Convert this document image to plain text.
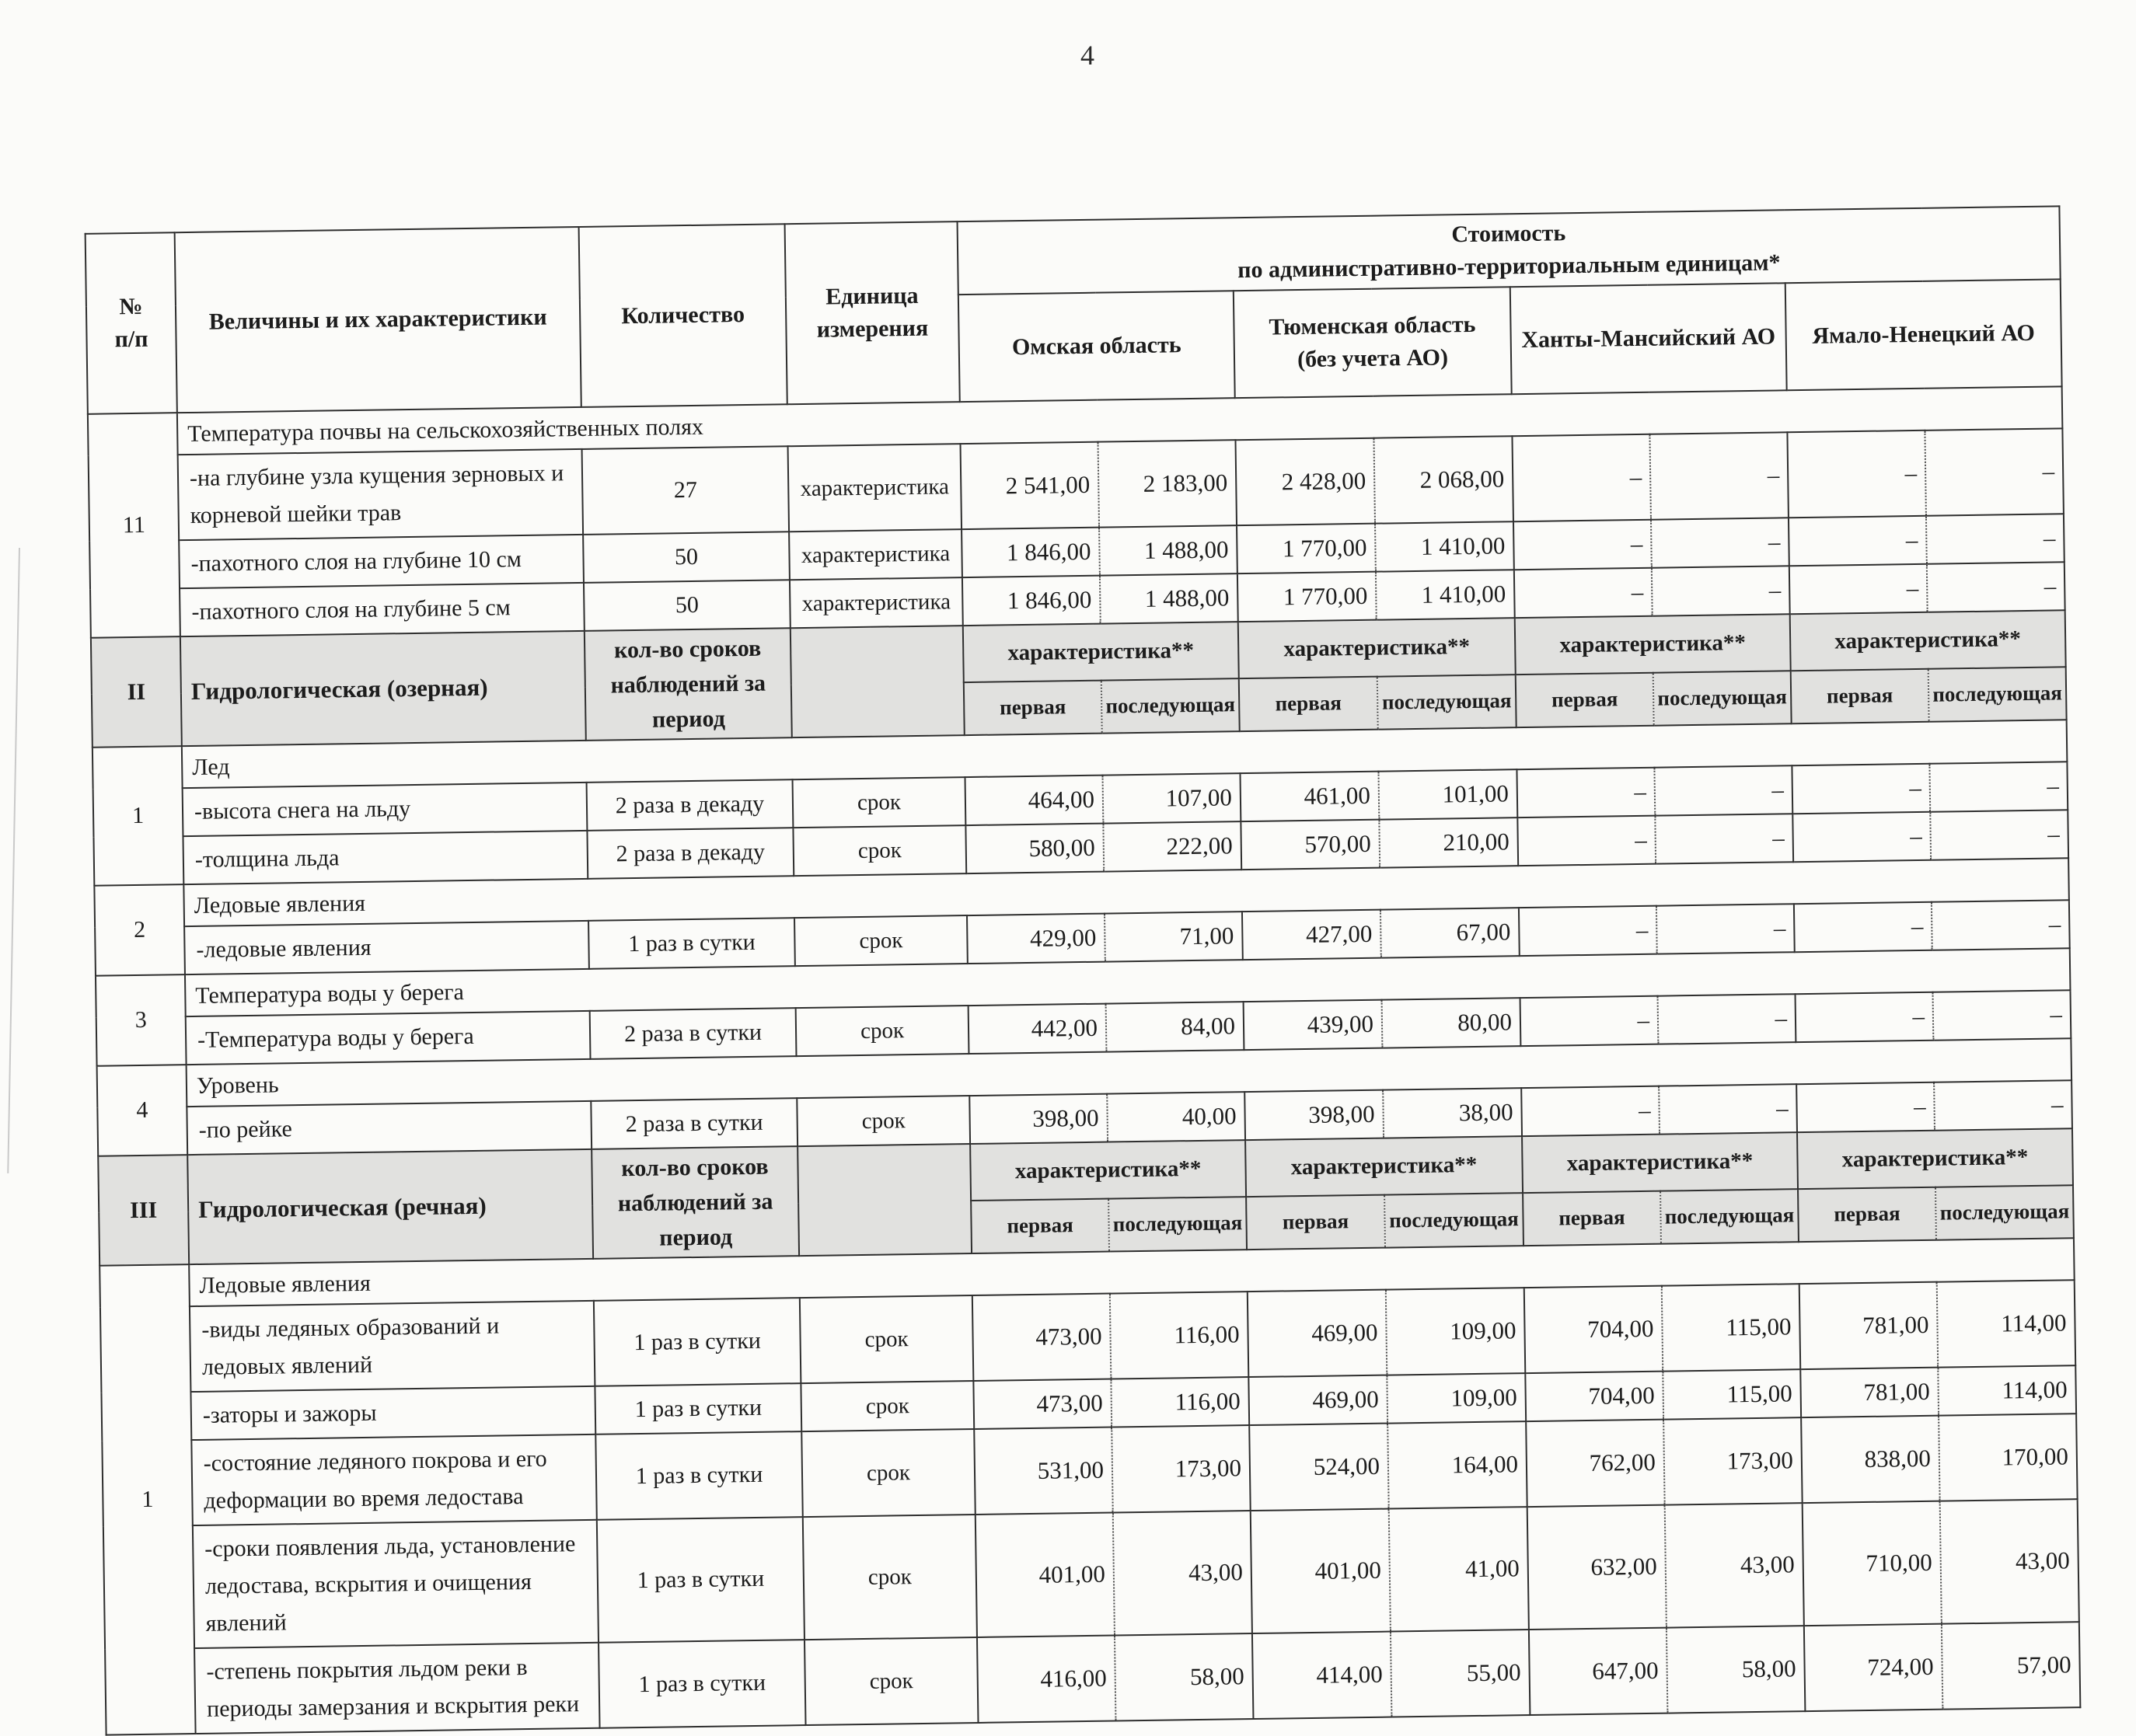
4
№
п/п	Величины и их характеристики	Количество	Единица
измерения	Стоимость
по административно-территориальным единицам*							

				Омская область		Тюменская область
(без учета АО)		Ханты-Мансийский АО		Ямало-Ненецкий АО	
11	Температура почвы на сельскохозяйственных полях										
	-на глубине узла кущения зерновых и корневой шейки трав	27	характеристика	2 541,00	2 183,00	2 428,00	2 068,00	–	–	–	–
	-пахотного слоя на глубине 10 см	50	характеристика	1 846,00	1 488,00	1 770,00	1 410,00	–	–	–	–
	-пахотного слоя на глубине 5 см	50	характеристика	1 846,00	1 488,00	1 770,00	1 410,00	–	–	–	–
II	Гидрологическая (озерная)	кол-во сроков
наблюдений за
период		характеристика**		характеристика**		характеристика**		характеристика**	
				первая	последующая	первая	последующая	первая	последующая	первая	последующая
1	Лед										
	-высота снега на льду	2 раза в декаду	срок	464,00	107,00	461,00	101,00	–	–	–	–
	-толщина льда	2 раза в декаду	срок	580,00	222,00	570,00	210,00	–	–	–	–
2	Ледовые явления										
	-ледовые явления	1 раз в сутки	срок	429,00	71,00	427,00	67,00	–	–	–	–
3	Температура воды у берега										
	-Температура воды у берега	2 раза в сутки	срок	442,00	84,00	439,00	80,00	–	–	–	–
4	Уровень										
	-по рейке	2 раза в сутки	срок	398,00	40,00	398,00	38,00	–	–	–	–
III	Гидрологическая (речная)	кол-во сроков
наблюдений за
период		характеристика**		характеристика**		характеристика**		характеристика**	
				первая	последующая	первая	последующая	первая	последующая	первая	последующая
1	Ледовые явления										
	-виды ледяных образований и ледовых явлений	1 раз в сутки	срок	473,00	116,00	469,00	109,00	704,00	115,00	781,00	114,00
	-заторы и зажоры	1 раз в сутки	срок	473,00	116,00	469,00	109,00	704,00	115,00	781,00	114,00
	-состояние ледяного покрова и его деформации во время ледостава	1 раз в сутки	срок	531,00	173,00	524,00	164,00	762,00	173,00	838,00	170,00
	-сроки появления льда, установление ледостава, вскрытия и очищения явлений	1 раз в сутки	срок	401,00	43,00	401,00	41,00	632,00	43,00	710,00	43,00
	-степень покрытия льдом реки в периоды замерзания и вскрытия реки	1 раз в сутки	срок	416,00	58,00	414,00	55,00	647,00	58,00	724,00	57,00
